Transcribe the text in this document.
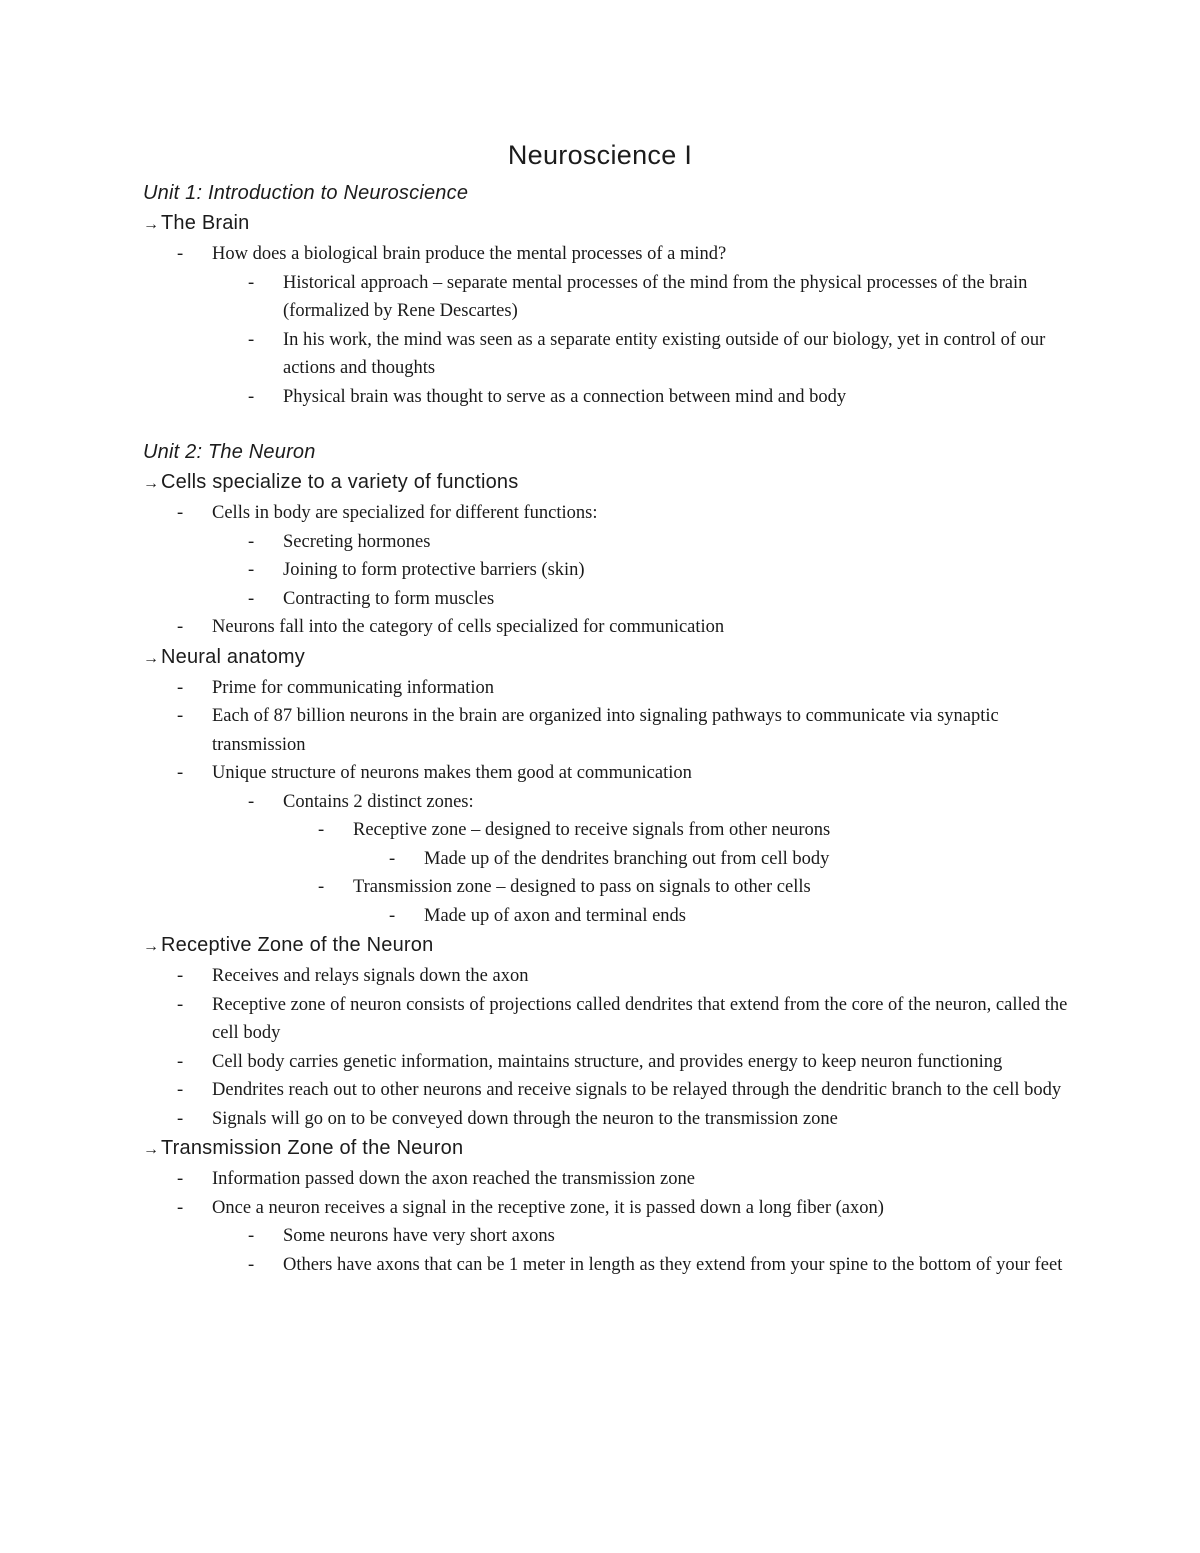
Neuroscience I
Unit 1: Introduction to Neuroscience
→The Brain
- How does a biological brain produce the mental processes of a mind?
- Historical approach – separate mental processes of the mind from the physical processes of the brain (formalized by Rene Descartes)
- In his work, the mind was seen as a separate entity existing outside of our biology, yet in control of our actions and thoughts
- Physical brain was thought to serve as a connection between mind and body
Unit 2: The Neuron
→Cells specialize to a variety of functions
- Cells in body are specialized for different functions:
- Secreting hormones
- Joining to form protective barriers (skin)
- Contracting to form muscles
- Neurons fall into the category of cells specialized for communication
→Neural anatomy
- Prime for communicating information
- Each of 87 billion neurons in the brain are organized into signaling pathways to communicate via synaptic transmission
- Unique structure of neurons makes them good at communication
- Contains 2 distinct zones:
- Receptive zone – designed to receive signals from other neurons
- Made up of the dendrites branching out from cell body
- Transmission zone – designed to pass on signals to other cells
- Made up of axon and terminal ends
→Receptive Zone of the Neuron
- Receives and relays signals down the axon
- Receptive zone of neuron consists of projections called dendrites that extend from the core of the neuron, called the cell body
- Cell body carries genetic information, maintains structure, and provides energy to keep neuron functioning
- Dendrites reach out to other neurons and receive signals to be relayed through the dendritic branch to the cell body
- Signals will go on to be conveyed down through the neuron to the transmission zone
→Transmission Zone of the Neuron
- Information passed down the axon reached the transmission zone
- Once a neuron receives a signal in the receptive zone, it is passed down a long fiber (axon)
- Some neurons have very short axons
- Others have axons that can be 1 meter in length as they extend from your spine to the bottom of your feet
